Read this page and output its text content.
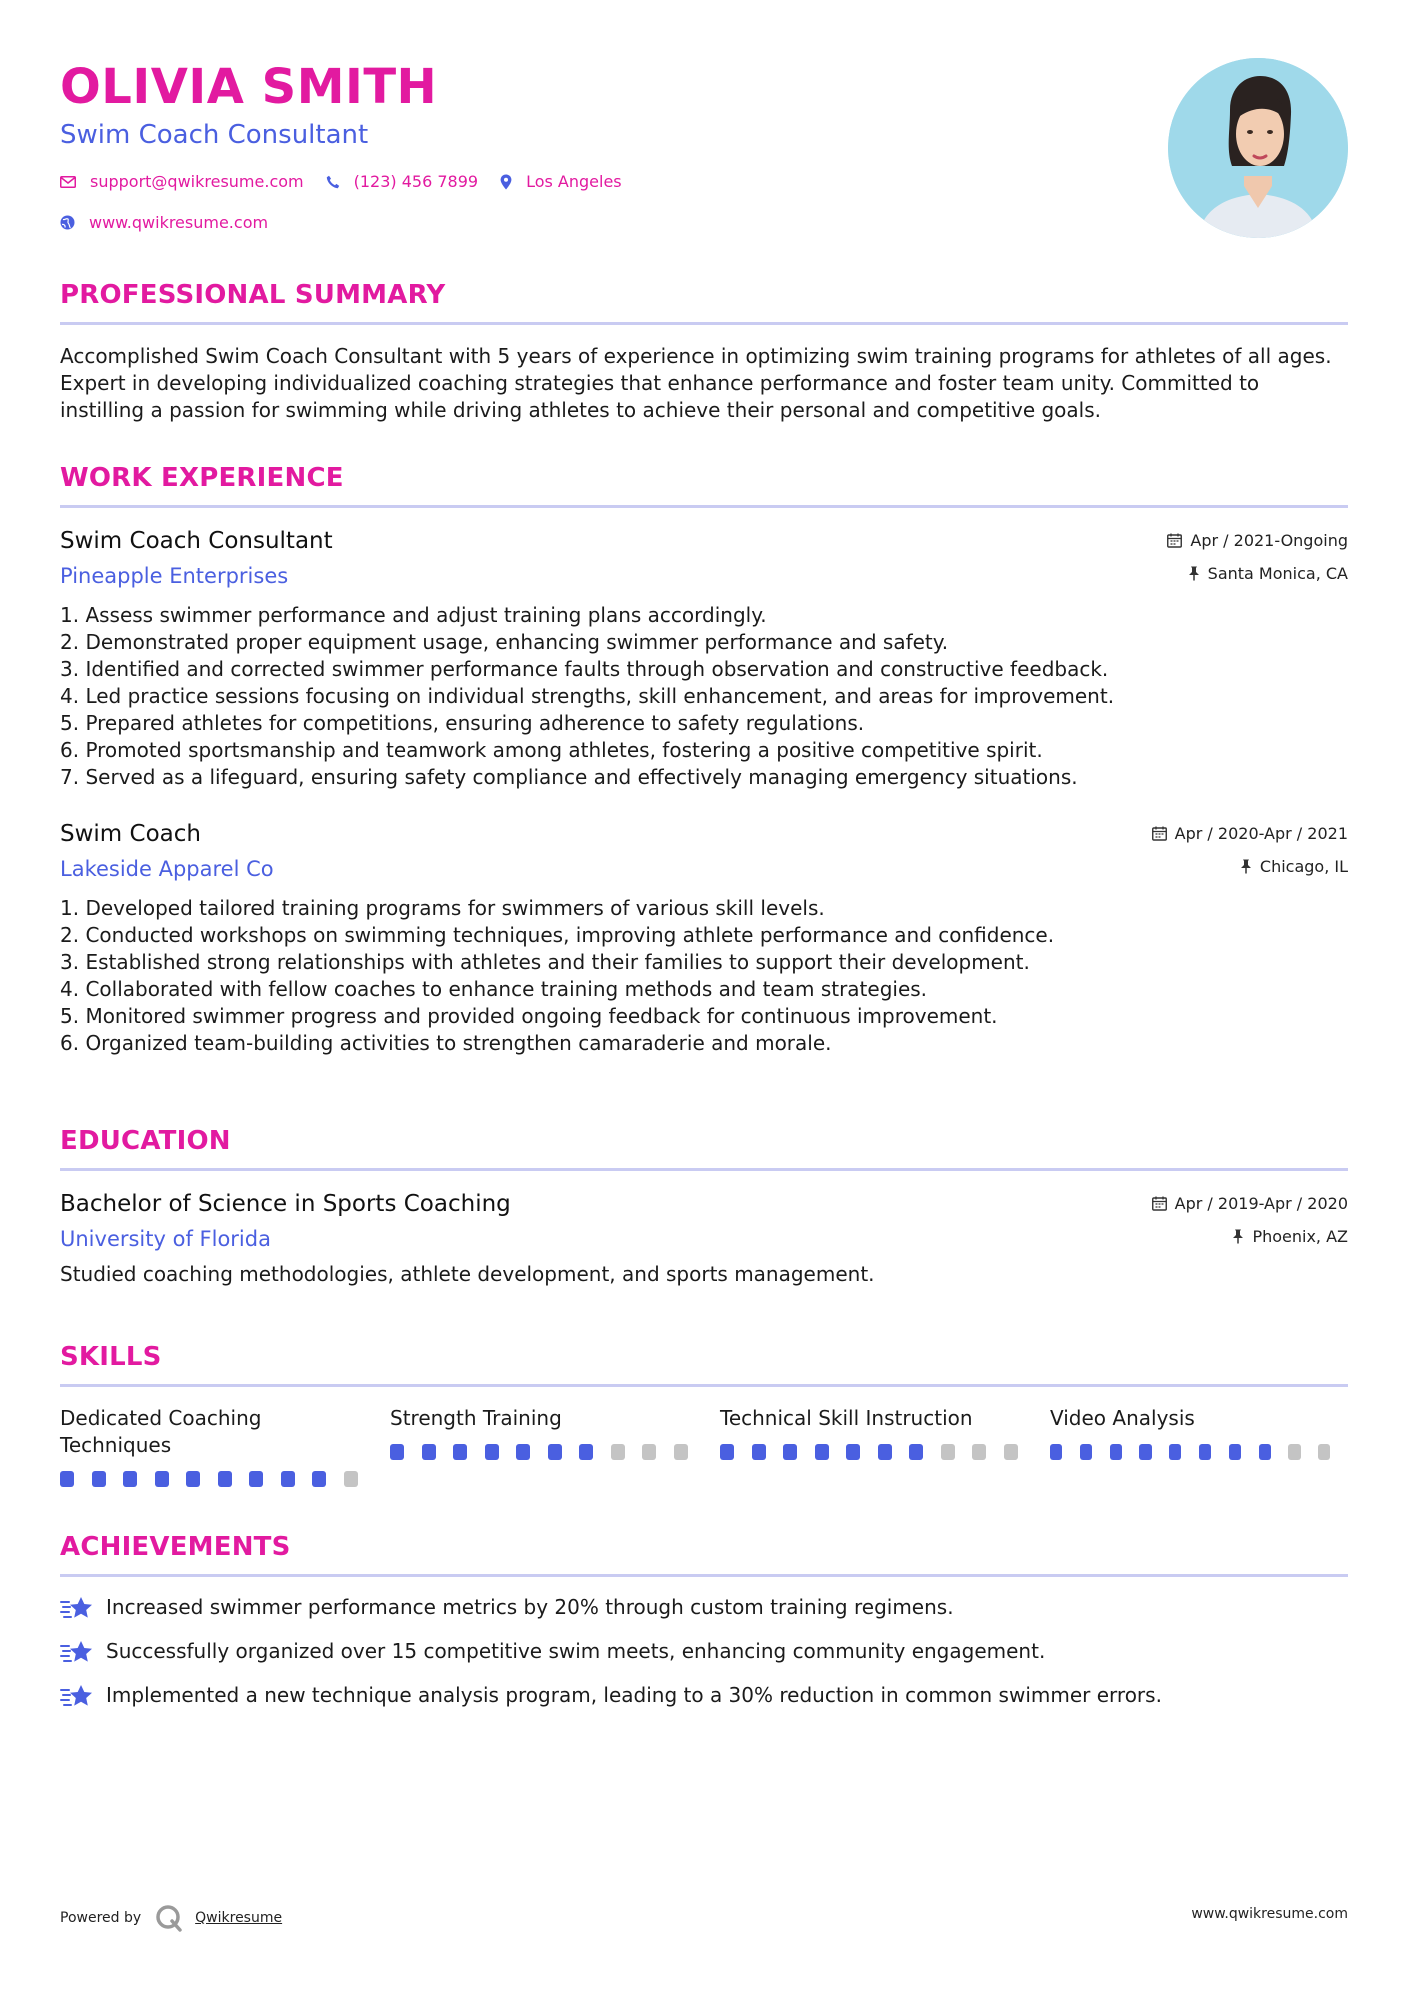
OLIVIA SMITH
Swim Coach Consultant
support@qwikresume.com	(123) 456 7899	Los Angeles
www.qwikresume.com
PROFESSIONAL SUMMARY
Accomplished Swim Coach Consultant with 5 years of experience in optimizing swim training programs for athletes of all ages. Expert in developing individualized coaching strategies that enhance performance and foster team unity. Committed to instilling a passion for swimming while driving athletes to achieve their personal and competitive goals.
WORK EXPERIENCE
Swim Coach Consultant
Pineapple Enterprises
Apr / 2021-Ongoing
Santa Monica, CA
1. Assess swimmer performance and adjust training plans accordingly.
2. Demonstrated proper equipment usage, enhancing swimmer performance and safety.
3. Identified and corrected swimmer performance faults through observation and constructive feedback.
4. Led practice sessions focusing on individual strengths, skill enhancement, and areas for improvement.
5. Prepared athletes for competitions, ensuring adherence to safety regulations.
6. Promoted sportsmanship and teamwork among athletes, fostering a positive competitive spirit.
7. Served as a lifeguard, ensuring safety compliance and effectively managing emergency situations.
Swim Coach
Lakeside Apparel Co
Apr / 2020-Apr / 2021
Chicago, IL
1. Developed tailored training programs for swimmers of various skill levels.
2. Conducted workshops on swimming techniques, improving athlete performance and confidence.
3. Established strong relationships with athletes and their families to support their development.
4. Collaborated with fellow coaches to enhance training methods and team strategies.
5. Monitored swimmer progress and provided ongoing feedback for continuous improvement.
6. Organized team-building activities to strengthen camaraderie and morale.
EDUCATION
Bachelor of Science in Sports Coaching
University of Florida
Apr / 2019-Apr / 2020
Phoenix, AZ
Studied coaching methodologies, athlete development, and sports management.
SKILLS
Dedicated Coaching Techniques
Strength Training	Technical Skill Instruction	Video Analysis
ACHIEVEMENTS
Increased swimmer performance metrics by 20% through custom training regimens.
Successfully organized over 15 competitive swim meets, enhancing community engagement.
Implemented a new technique analysis program, leading to a 30% reduction in common swimmer errors.
Powered by	Qwikresume	www.qwikresume.com
